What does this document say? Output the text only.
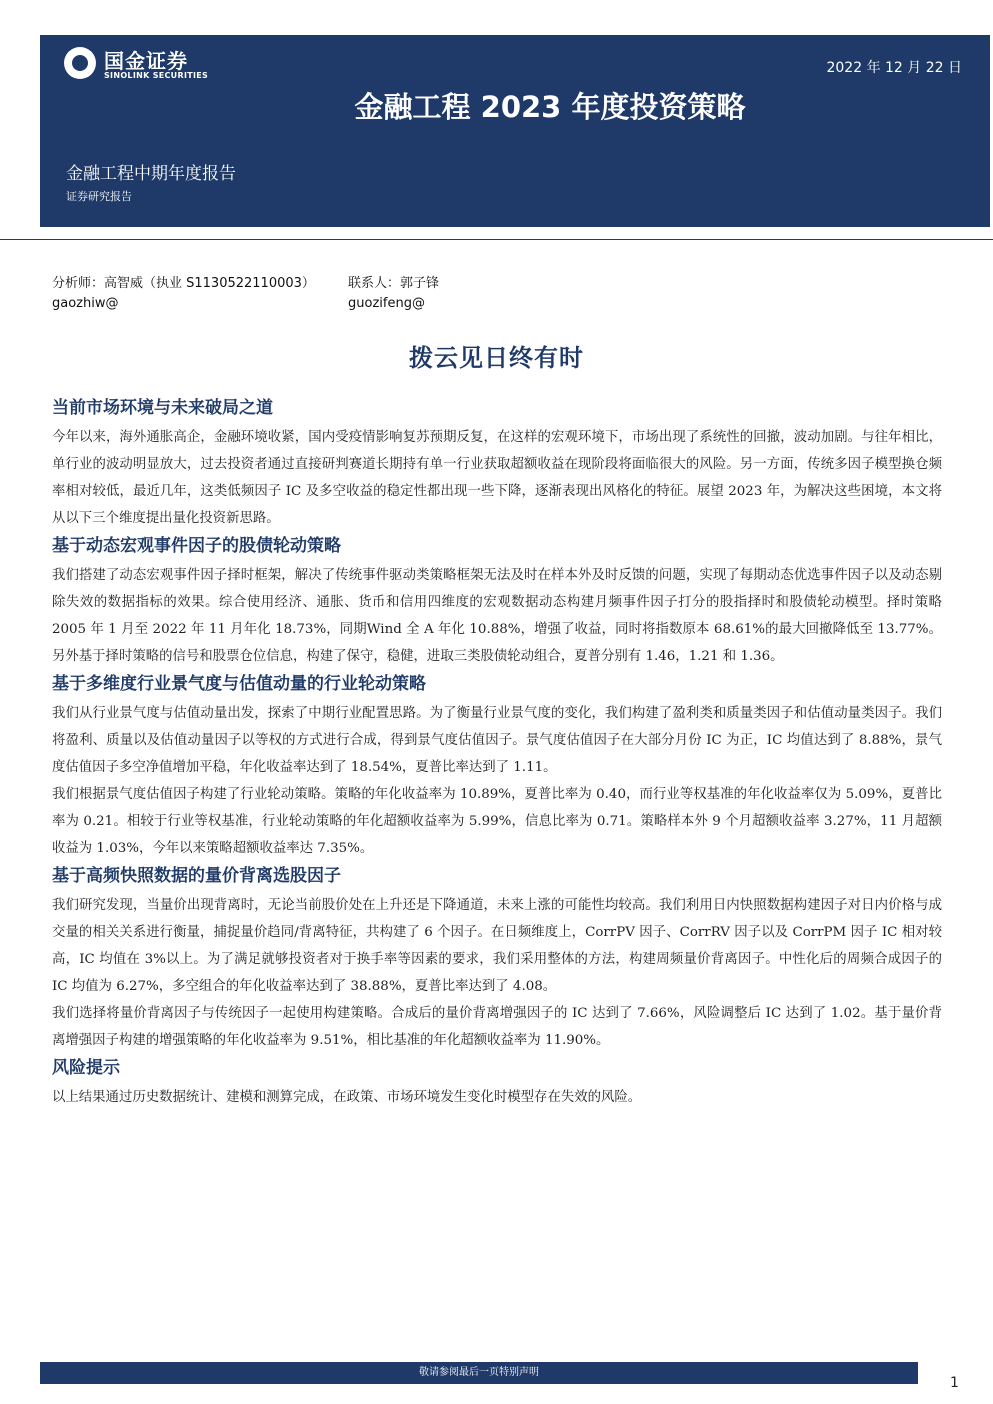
国金证券
SINOLINK SECURITIES	2022 年 12 月 22 日
金融工程 2023 年度投资策略
金融工程中期年度报告
证券研究报告
分析师：高智威（执业 S1130522110003）
gaozhiw@
联系人：郭子锋
guozifeng@
拨云见日终有时
当前市场环境与未来破局之道

今年以来，海外通胀高企，金融环境收紧，国内受疫情影响复苏预期反复，在这样的宏观环境下，市场出现了系统性的回撤，波动加剧。与往年相比，单行业的波动明显放大，过去投资者通过直接研判赛道长期持有单一行业获取超额收益在现阶段将面临很大的风险。另一方面，传统多因子模型换仓频率相对较低，最近几年，这类低频因子 IC 及多空收益的稳定性都出现一些下降，逐渐表现出风格化的特征。展望 2023 年，为解决这些困境，本文将从以下三个维度提出量化投资新思路。

基于动态宏观事件因子的股债轮动策略

我们搭建了动态宏观事件因子择时框架，解决了传统事件驱动类策略框架无法及时在样本外及时反馈的问题，实现了每期动态优选事件因子以及动态剔除失效的数据指标的效果。综合使用经济、通胀、货币和信用四维度的宏观数据动态构建月频事件因子打分的股指择时和股债轮动模型。择时策略 2005 年 1 月至 2022 年 11 月年化 18.73%，同期Wind 全 A 年化 10.88%，增强了收益，同时将指数原本 68.61%的最大回撤降低至 13.77%。另外基于择时策略的信号和股票仓位信息，构建了保守，稳健，进取三类股债轮动组合，夏普分别有 1.46，1.21 和 1.36。

基于多维度行业景气度与估值动量的行业轮动策略

我们从行业景气度与估值动量出发，探索了中期行业配置思路。为了衡量行业景气度的变化，我们构建了盈利类和质量类因子和估值动量类因子。我们将盈利、质量以及估值动量因子以等权的方式进行合成，得到景气度估值因子。景气度估值因子在大部分月份 IC 为正，IC 均值达到了 8.88%，景气度估值因子多空净值增加平稳，年化收益率达到了 18.54%，夏普比率达到了 1.11。

我们根据景气度估值因子构建了行业轮动策略。策略的年化收益率为 10.89%，夏普比率为 0.40，而行业等权基准的年化收益率仅为 5.09%，夏普比率为 0.21。相较于行业等权基准，行业轮动策略的年化超额收益率为 5.99%，信息比率为 0.71。策略样本外 9 个月超额收益率 3.27%，11 月超额收益为 1.03%，今年以来策略超额收益率达 7.35%。

基于高频快照数据的量价背离选股因子

我们研究发现，当量价出现背离时，无论当前股价处在上升还是下降通道，未来上涨的可能性均较高。我们利用日内快照数据构建因子对日内价格与成交量的相关关系进行衡量，捕捉量价趋同/背离特征，共构建了 6 个因子。在日频维度上，CorrPV 因子、CorrRV 因子以及 CorrPM 因子 IC 相对较高，IC 均值在 3%以上。为了满足就够投资者对于换手率等因素的要求，我们采用整体的方法，构建周频量价背离因子。中性化后的周频合成因子的 IC 均值为 6.27%，多空组合的年化收益率达到了 38.88%，夏普比率达到了 4.08。

我们选择将量价背离因子与传统因子一起使用构建策略。合成后的量价背离增强因子的 IC 达到了 7.66%，风险调整后 IC 达到了 1.02。基于量价背离增强因子构建的增强策略的年化收益率为 9.51%，相比基准的年化超额收益率为 11.90%。

风险提示

以上结果通过历史数据统计、建模和测算完成，在政策、市场环境发生变化时模型存在失效的风险。

敬请参阅最后一页特别声明
1
